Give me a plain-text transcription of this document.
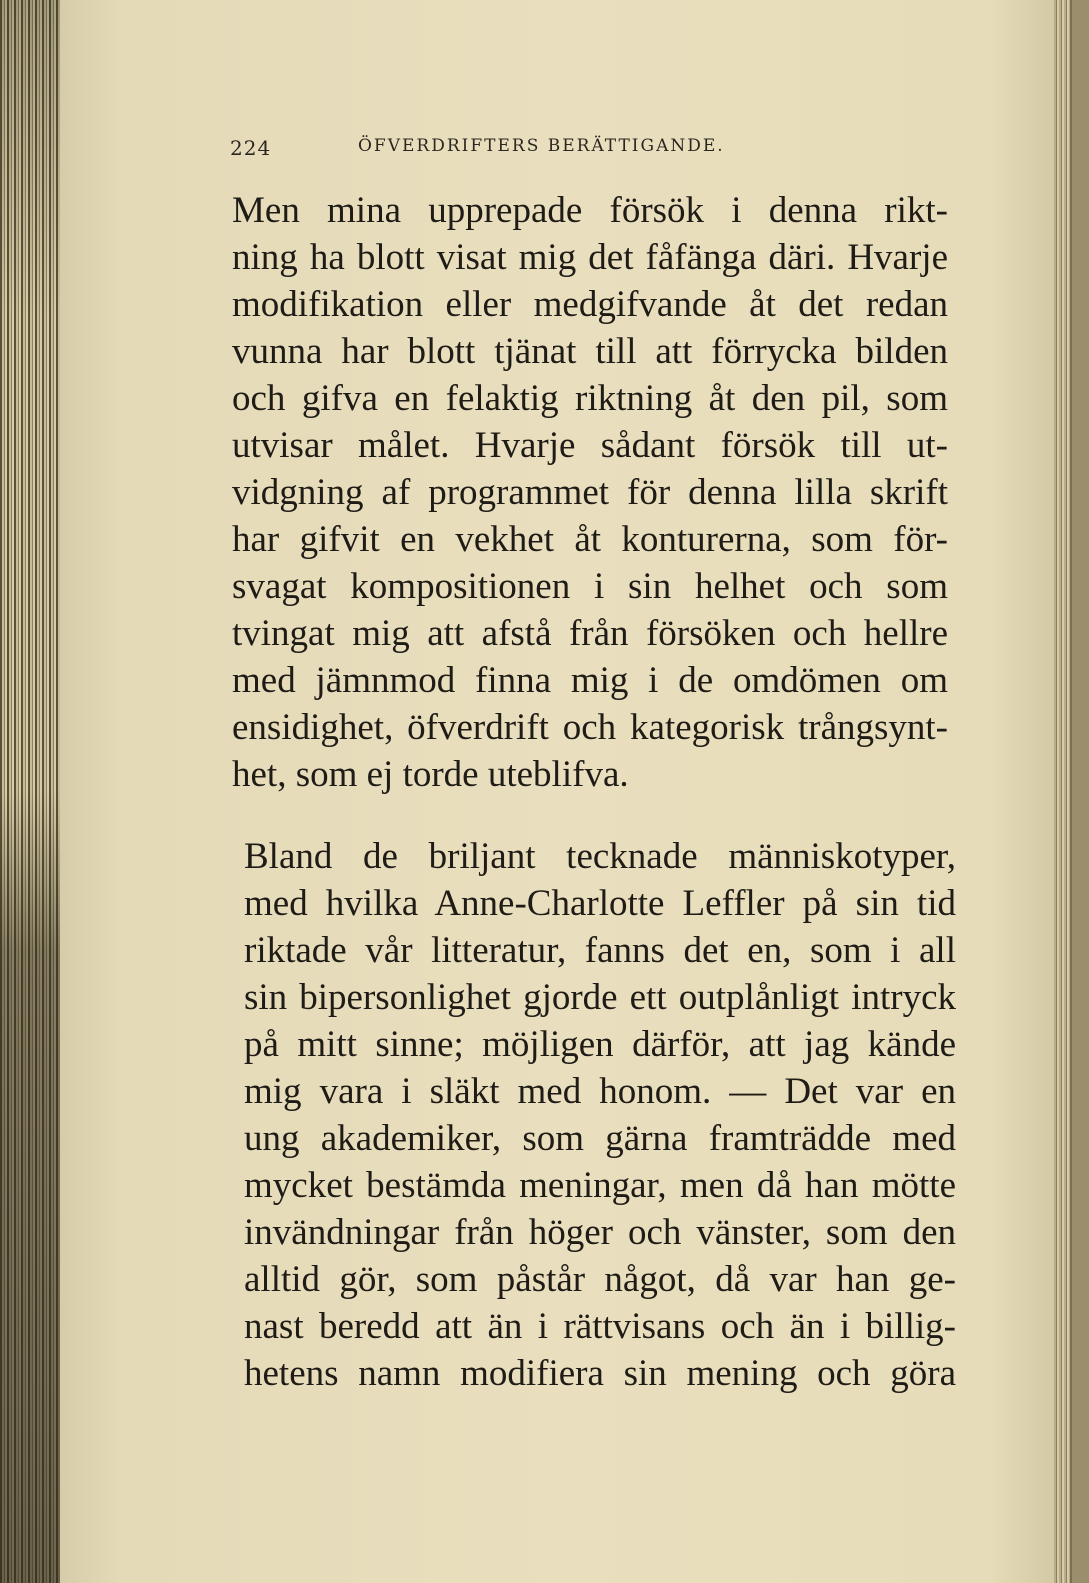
224	ÖFVERDRIFTERS BERÄTTIGANDE.

Men mina upprepade försök i denna rikt-
ning ha blott visat mig det fåfänga däri. Hvarje
modifikation eller medgifvande åt det redan
vunna har blott tjänat till att förrycka bilden
och gifva en felaktig riktning åt den pil, som
utvisar målet. Hvarje sådant försök till ut-
vidgning af programmet för denna lilla skrift
har gifvit en vekhet åt konturerna, som för-
svagat kompositionen i sin helhet och som
tvingat mig att afstå från försöken och hellre
med jämnmod finna mig i de omdömen om
ensidighet, öfverdrift och kategorisk trångsynt-
het, som ej torde uteblifva.

Bland de briljant tecknade människotyper,
med hvilka Anne-Charlotte Leffler på sin tid
riktade vår litteratur, fanns det en, som i all
sin bipersonlighet gjorde ett outplånligt intryck
på mitt sinne; möjligen därför, att jag kände
mig vara i släkt med honom. — Det var en
ung akademiker, som gärna framträdde med
mycket bestämda meningar, men då han mötte
invändningar från höger och vänster, som den
alltid gör, som påstår något, då var han ge-
nast beredd att än i rättvisans och än i billig-
hetens namn modifiera sin mening och göra
